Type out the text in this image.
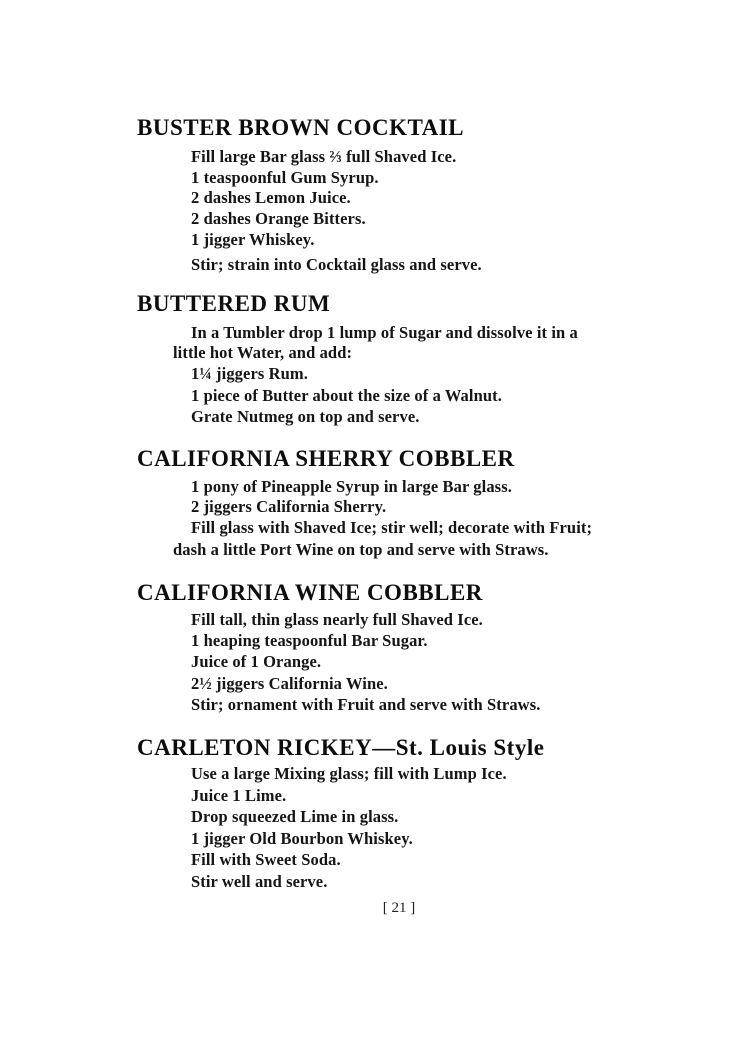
BUSTER BROWN COCKTAIL
Fill large Bar glass ⅔ full Shaved Ice.
1 teaspoonful Gum Syrup.
2 dashes Lemon Juice.
2 dashes Orange Bitters.
1 jigger Whiskey.
Stir; strain into Cocktail glass and serve.
BUTTERED RUM
In a Tumbler drop 1 lump of Sugar and dissolve it in a
little hot Water, and add:
1¼ jiggers Rum.
1 piece of Butter about the size of a Walnut.
Grate Nutmeg on top and serve.
CALIFORNIA SHERRY COBBLER
1 pony of Pineapple Syrup in large Bar glass.
2 jiggers California Sherry.
Fill glass with Shaved Ice; stir well; decorate with Fruit;
dash a little Port Wine on top and serve with Straws.
CALIFORNIA WINE COBBLER
Fill tall, thin glass nearly full Shaved Ice.
1 heaping teaspoonful Bar Sugar.
Juice of 1 Orange.
2½ jiggers California Wine.
Stir; ornament with Fruit and serve with Straws.
CARLETON RICKEY—St. Louis Style
Use a large Mixing glass; fill with Lump Ice.
Juice 1 Lime.
Drop squeezed Lime in glass.
1 jigger Old Bourbon Whiskey.
Fill with Sweet Soda.
Stir well and serve.
[ 21 ]
